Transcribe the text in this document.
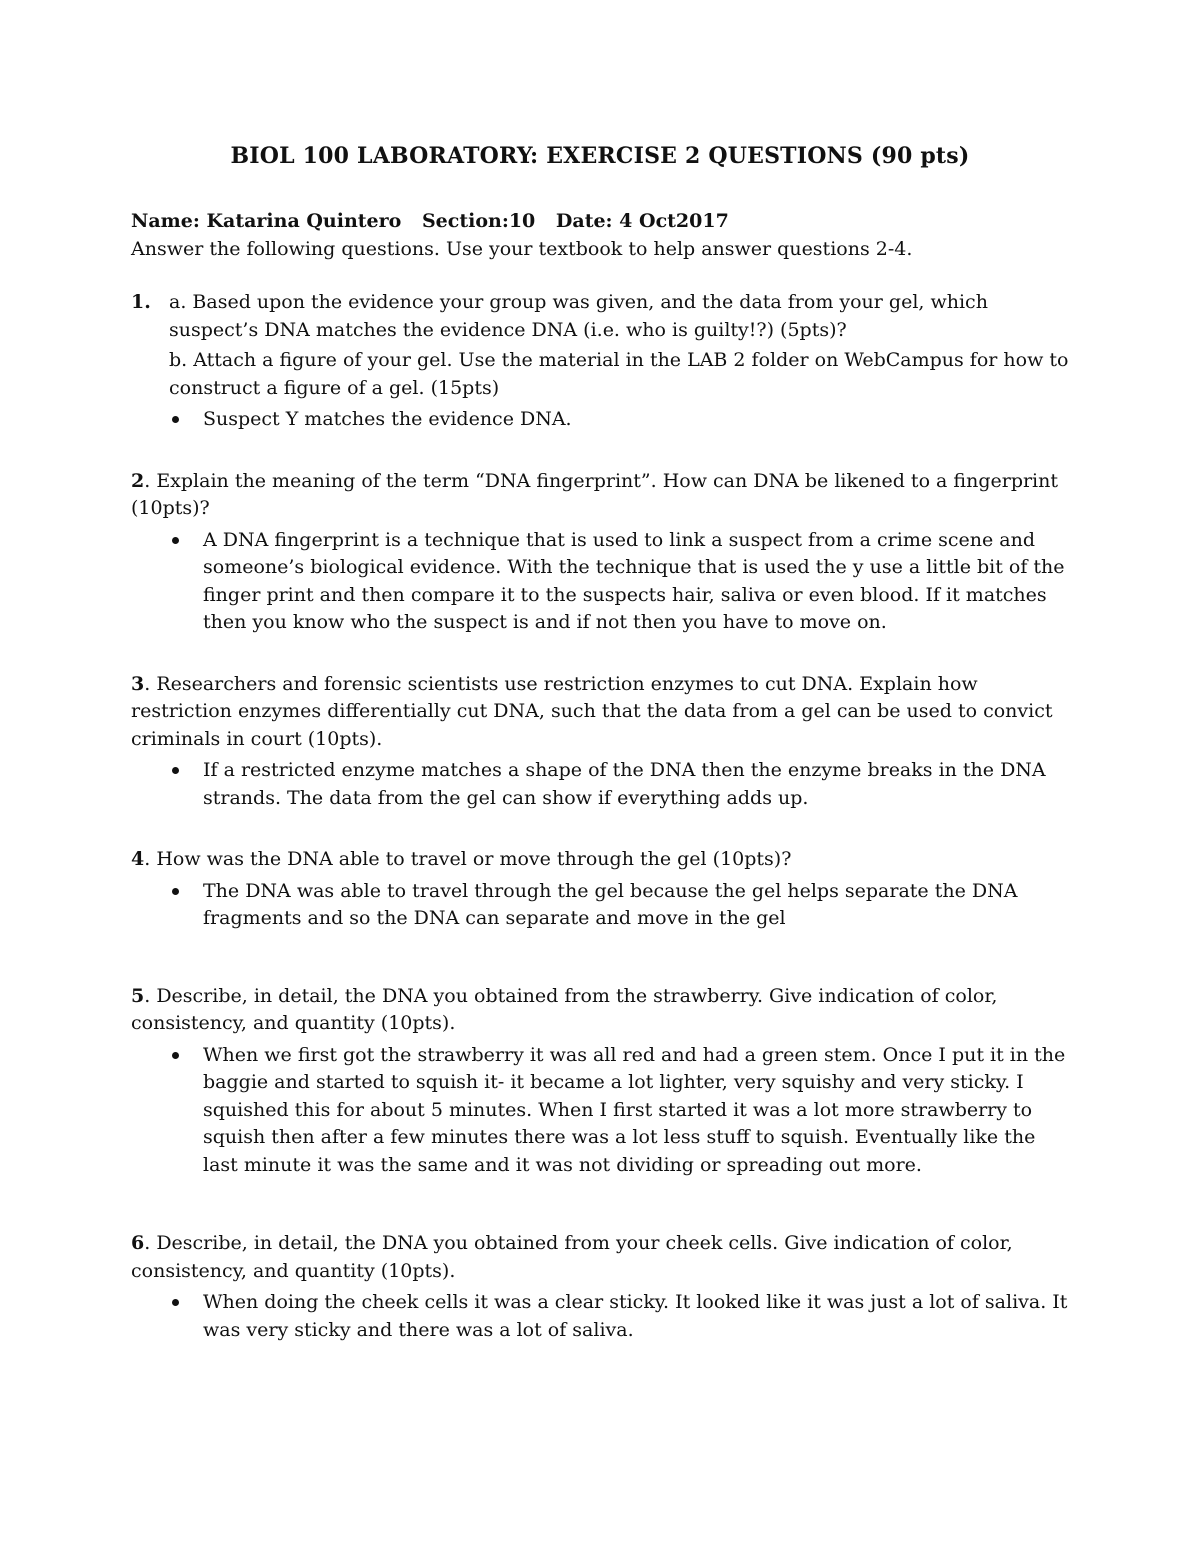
BIOL 100 LABORATORY: EXERCISE 2 QUESTIONS (90 pts)
Name: Katarina Quintero Section:10 Date: 4 Oct2017
Answer the following questions. Use your textbook to help answer questions 2-4.
1. a. Based upon the evidence your group was given, and the data from your gel, which suspect’s DNA matches the evidence DNA (i.e. who is guilty!?) (5pts)?
b. Attach a figure of your gel. Use the material in the LAB 2 folder on WebCampus for how to construct a figure of a gel. (15pts)
Suspect Y matches the evidence DNA.

2. Explain the meaning of the term “DNA fingerprint”. How can DNA be likened to a fingerprint (10pts)?

A DNA fingerprint is a technique that is used to link a suspect from a crime scene and someone’s biological evidence. With the technique that is used the y use a little bit of the finger print and then compare it to the suspects hair, saliva or even blood. If it matches then you know who the suspect is and if not then you have to move on.

3. Researchers and forensic scientists use restriction enzymes to cut DNA. Explain how restriction enzymes differentially cut DNA, such that the data from a gel can be used to convict criminals in court (10pts).

If a restricted enzyme matches a shape of the DNA then the enzyme breaks in the DNA strands. The data from the gel can show if everything adds up.

4. How was the DNA able to travel or move through the gel (10pts)?

The DNA was able to travel through the gel because the gel helps separate the DNA fragments and so the DNA can separate and move in the gel

5. Describe, in detail, the DNA you obtained from the strawberry. Give indication of color, consistency, and quantity (10pts).

When we first got the strawberry it was all red and had a green stem. Once I put it in the baggie and started to squish it- it became a lot lighter, very squishy and very sticky. I squished this for about 5 minutes. When I first started it was a lot more strawberry to squish then after a few minutes there was a lot less stuff to squish. Eventually like the last minute it was the same and it was not dividing or spreading out more.

6. Describe, in detail, the DNA you obtained from your cheek cells. Give indication of color, consistency, and quantity (10pts).

When doing the cheek cells it was a clear sticky. It looked like it was just a lot of saliva. It was very sticky and there was a lot of saliva.
